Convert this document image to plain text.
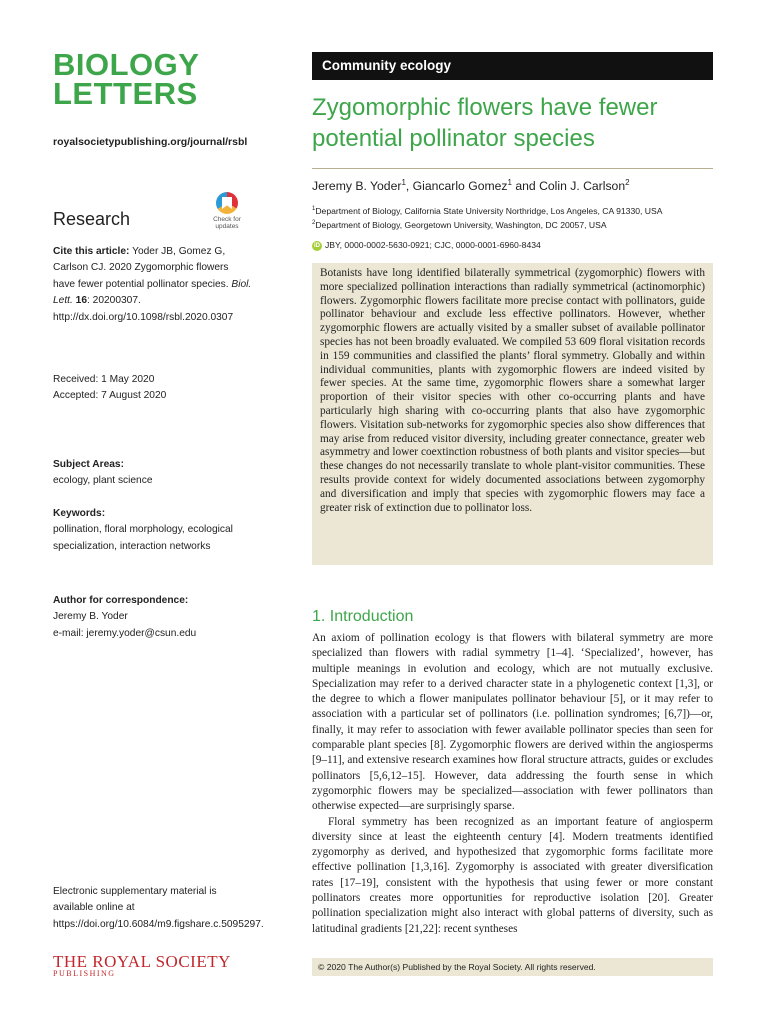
BIOLOGY
LETTERS
royalsocietypublishing.org/journal/rsbl
Research	Check for
updates
Cite this article: Yoder JB, Gomez G, Carlson CJ. 2020 Zygomorphic flowers have fewer potential pollinator species. Biol. Lett. 16: 20200307.
http://dx.doi.org/10.1098/rsbl.2020.0307
Received: 1 May 2020
Accepted: 7 August 2020
Subject Areas:
ecology, plant science
Keywords:
pollination, floral morphology, ecological specialization, interaction networks
Author for correspondence:
Jeremy B. Yoder
e-mail: jeremy.yoder@csun.edu
Electronic supplementary material is available online at https://doi.org/10.6084/m9.figshare.c.5095297.
THE ROYAL SOCIETY
PUBLISHING
Community ecology
Zygomorphic flowers have fewer potential pollinator species
Jeremy B. Yoder$^1$, Giancarlo Gomez$^1$ and Colin J. Carlson$^2$
$^1$Department of Biology, California State University Northridge, Los Angeles, CA 91330, USA
$^2$Department of Biology, Georgetown University, Washington, DC 20057, USA
iD JBY, 0000-0002-5630-0921; CJC, 0000-0001-6960-8434
Botanists have long identified bilaterally symmetrical (zygomorphic) flowers with more specialized pollination interactions than radially symmetrical (actinomorphic) flowers. Zygomorphic flowers facilitate more precise contact with pollinators, guide pollinator behaviour and exclude less effective pollinators. However, whether zygomorphic flowers are actually visited by a smaller subset of available pollinator species has not been broadly evaluated. We compiled 53 609 floral visitation records in 159 communities and classified the plants’ floral symmetry. Globally and within individual communities, plants with zygomorphic flowers are indeed visited by fewer species. At the same time, zygomorphic flowers share a somewhat larger proportion of their visitor species with other co-occurring plants and have particularly high sharing with co-occurring plants that also have zygomorphic flowers. Visitation sub-networks for zygomorphic species also show differences that may arise from reduced visitor diversity, including greater connectance, greater web asymmetry and lower coextinction robustness of both plants and visitor species—but these changes do not necessarily translate to whole plant-visitor communities. These results provide context for widely documented associations between zygomorphy and diversification and imply that species with zygomorphic flowers may face a greater risk of extinction due to pollinator loss.
1. Introduction

An axiom of pollination ecology is that flowers with bilateral symmetry are more specialized than flowers with radial symmetry [1–4]. ‘Specialized’, however, has multiple meanings in evolution and ecology, which are not mutually exclusive. Specialization may refer to a derived character state in a phylogenetic context [1,3], or the degree to which a flower manipulates pollinator behaviour [5], or it may refer to association with a particular set of pollinators (i.e. pollination syndromes; [6,7])—or, finally, it may refer to association with fewer available pollinator species than seen for comparable plant species [8]. Zygomorphic flowers are derived within the angiosperms [9–11], and extensive research examines how floral structure attracts, guides or excludes pollinators [5,6,12–15]. However, data addressing the fourth sense in which zygomorphic flowers may be specialized—association with fewer pollinators than otherwise expected—are surprisingly sparse.

Floral symmetry has been recognized as an important feature of angiosperm diversity since at least the eighteenth century [4]. Modern treatments identified zygomorphy as derived, and hypothesized that zygomorphic forms facilitate more effective pollination [1,3,16]. Zygomorphy is associated with greater diversification rates [17–19], consistent with the hypothesis that using fewer or more constant pollinators creates more opportunities for reproductive isolation [20]. Greater pollination specialization might also interact with global patterns of diversity, such as latitudinal gradients [21,22]: recent syntheses

© 2020 The Author(s) Published by the Royal Society. All rights reserved.
